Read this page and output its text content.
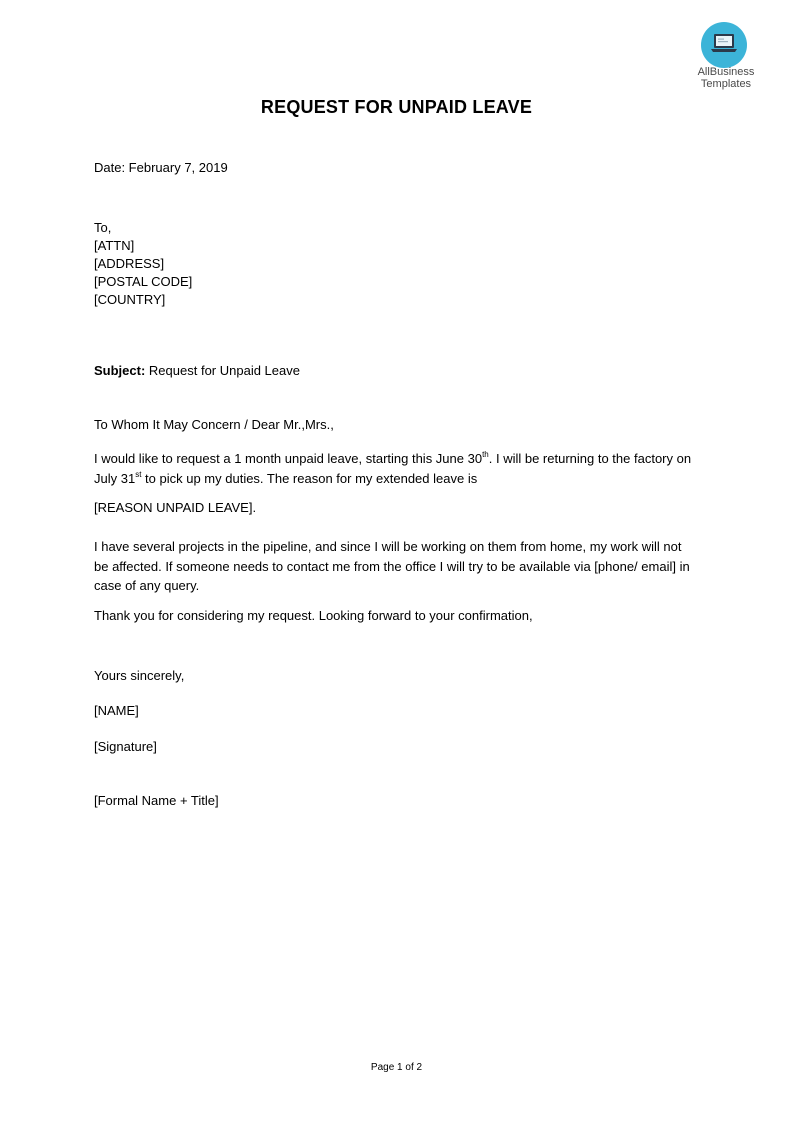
AllBusiness
Templates
REQUEST FOR UNPAID LEAVE
Date: February 7, 2019
To,
[ATTN]
[ADDRESS]
[POSTAL CODE]
[COUNTRY]
Subject: Request for Unpaid Leave
To Whom It May Concern / Dear Mr.,Mrs.,
I would like to request a 1 month unpaid leave, starting this June 30th. I will be returning to the factory on July 31st to pick up my duties. The reason for my extended leave is
[REASON UNPAID LEAVE].
I have several projects in the pipeline, and since I will be working on them from home, my work will not be affected. If someone needs to contact me from the office I will try to be available via [phone/ email] in case of any query.
Thank you for considering my request. Looking forward to your confirmation,
Yours sincerely,
[NAME]
[Signature]
[Formal Name + Title]
Page 1 of 2
